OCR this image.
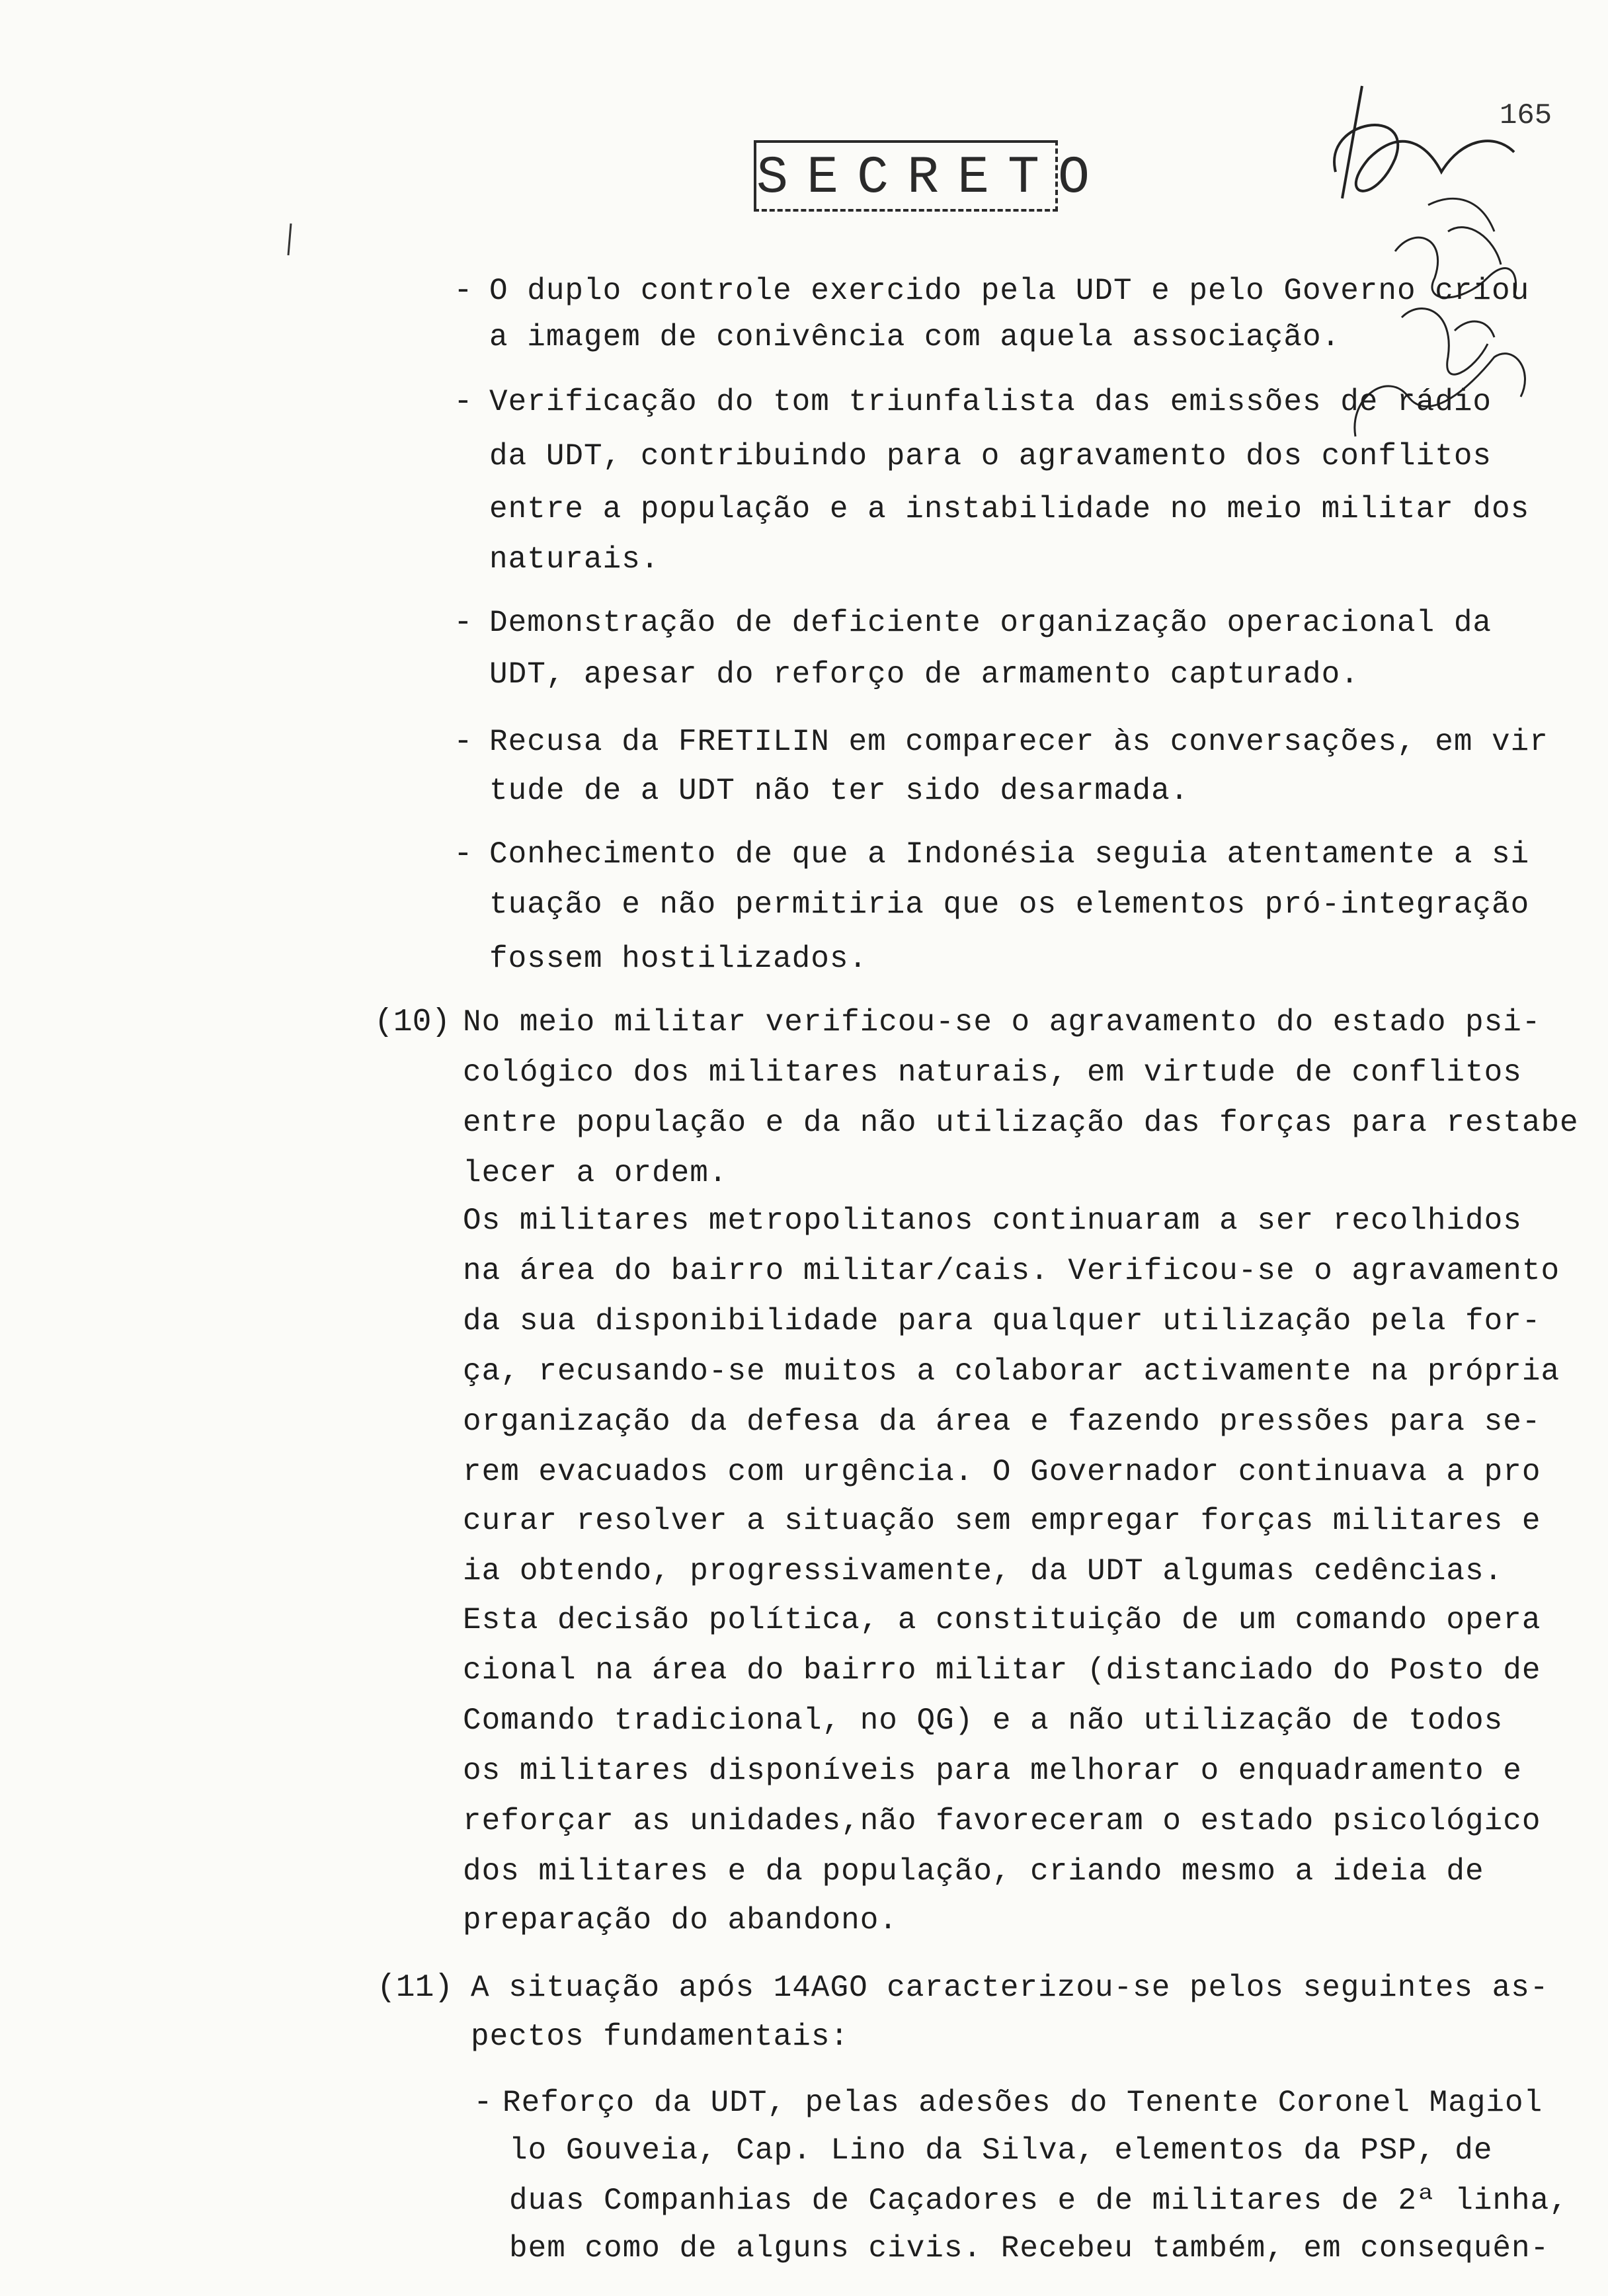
165
SECRETO
- O duplo controle exercido pela UDT e pelo Governo criou
a imagem de conivência com aquela associação.
- Verificação do tom triunfalista das emissões de rádio
da UDT, contribuindo para o agravamento dos conflitos
entre a população e a instabilidade no meio militar dos
naturais.
- Demonstração de deficiente organização operacional da
UDT, apesar do reforço de armamento capturado.
- Recusa da FRETILIN em comparecer às conversações, em vir
tude de a UDT não ter sido desarmada.
- Conhecimento de que a Indonésia seguia atentamente a si
tuação e não permitiria que os elementos pró-integração
fossem hostilizados.
(10) No meio militar verificou-se o agravamento do estado psi-
cológico dos militares naturais, em virtude de conflitos
entre população e da não utilização das forças para restabe
lecer a ordem.
Os militares metropolitanos continuaram a ser recolhidos
na área do bairro militar/cais. Verificou-se o agravamento
da sua disponibilidade para qualquer utilização pela for-
ça, recusando-se muitos a colaborar activamente na própria
organização da defesa da área e fazendo pressões para se-
rem evacuados com urgência. O Governador continuava a pro
curar resolver a situação sem empregar forças militares e
ia obtendo, progressivamente, da UDT algumas cedências.
Esta decisão política, a constituição de um comando opera
cional na área do bairro militar (distanciado do Posto de
Comando tradicional, no QG) e a não utilização de todos
os militares disponíveis para melhorar o enquadramento e
reforçar as unidades,não favoreceram o estado psicológico
dos militares e da população, criando mesmo a ideia de
preparação do abandono.
(11) A situação após 14AGO caracterizou-se pelos seguintes as-
pectos fundamentais:
- Reforço da UDT, pelas adesões do Tenente Coronel Magiol
lo Gouveia, Cap. Lino da Silva, elementos da PSP, de
duas Companhias de Caçadores e de militares de 2ª linha,
bem como de alguns civis. Recebeu também, em consequên-
